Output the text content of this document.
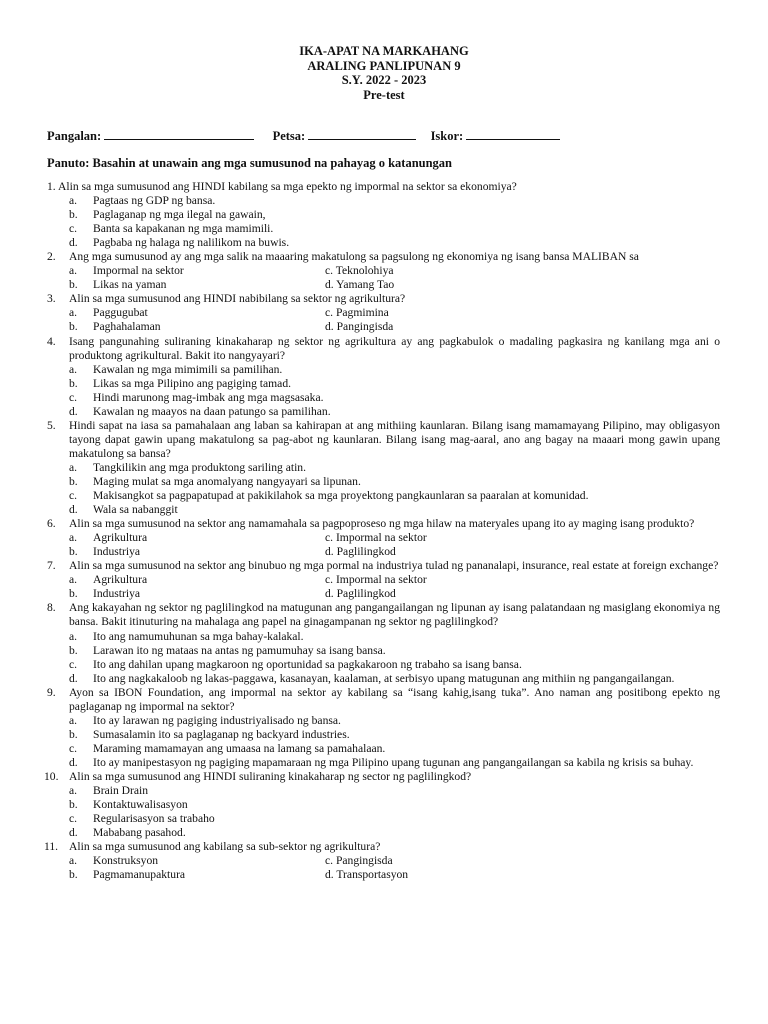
IKA-APAT NA MARKAHANG
ARALING PANLIPUNAN 9
S.Y. 2022 - 2023
Pre-test
Pangalan:	Petsa:	Iskor:
Panuto: Basahin at unawain ang mga sumusunod na pahayag o katanungan
1. Alin sa mga sumusunod ang HINDI kabilang sa mga epekto ng impormal na sektor sa ekonomiya?
a. Pagtaas ng GDP ng bansa.
b. Paglaganap ng mga ilegal na gawain,
c. Banta sa kapakanan ng mga mamimili.
d. Pagbaba ng halaga ng nalilikom na buwis.
2. Ang mga sumusunod ay ang mga salik na maaaring makatulong sa pagsulong ng ekonomiya ng isang bansa MALIBAN sa
a. Impormal na sektor	c. Teknolohiya
b. Likas na yaman	d. Yamang Tao
3. Alin sa mga sumusunod ang HINDI nabibilang sa sektor ng agrikultura?
a. Paggugubat	c. Pagmimina
b. Paghahalaman	d. Pangingisda
4. Isang pangunahing suliraning kinakaharap ng sektor ng agrikultura ay ang pagkabulok o madaling pagkasira ng kanilang mga ani o produktong agrikultural. Bakit ito nangyayari?
a. Kawalan ng mga mimimili sa pamilihan.
b. Likas sa mga Pilipino ang pagiging tamad.
c. Hindi marunong mag-imbak ang mga magsasaka.
d. Kawalan ng maayos na daan patungo sa pamilihan.
5. Hindi sapat na iasa sa pamahalaan ang laban sa kahirapan at ang mithiing kaunlaran. Bilang isang mamamayang Pilipino, may obligasyon tayong dapat gawin upang makatulong sa pag-abot ng kaunlaran. Bilang isang mag-aaral, ano ang bagay na maaari mong gawin upang makatulong sa bansa?
a. Tangkilikin ang mga produktong sariling atin.
b. Maging mulat sa mga anomalyang nangyayari sa lipunan.
c. Makisangkot sa pagpapatupad at pakikilahok sa mga proyektong pangkaunlaran sa paaralan at komunidad.
d. Wala sa nabanggit
6. Alin sa mga sumusunod na sektor ang namamahala sa pagpoproseso ng mga hilaw na materyales upang ito ay maging isang produkto?
a. Agrikultura	c. Impormal na sektor
b. Industriya	d. Paglilingkod
7. Alin sa mga sumusunod na sektor ang binubuo ng mga pormal na industriya tulad ng pananalapi, insurance, real estate at foreign exchange?
a. Agrikultura	c. Impormal na sektor
b. Industriya	d. Paglilingkod
8. Ang kakayahan ng sektor ng paglilingkod na matugunan ang pangangailangan ng lipunan ay isang palatandaan ng masiglang ekonomiya ng bansa. Bakit itinuturing na mahalaga ang papel na ginagampanan ng sektor ng paglilingkod?
a. Ito ang namumuhunan sa mga bahay-kalakal.
b. Larawan ito ng mataas na antas ng pamumuhay sa isang bansa.
c. Ito ang dahilan upang magkaroon ng oportunidad sa pagkakaroon ng trabaho sa isang bansa.
d. Ito ang nagkakaloob ng lakas-paggawa, kasanayan, kaalaman, at serbisyo upang matugunan ang mithiin ng pangangailangan.
9. Ayon sa IBON Foundation, ang impormal na sektor ay kabilang sa “isang kahig,isang tuka”. Ano naman ang positibong epekto ng paglaganap ng impormal na sektor?
a. Ito ay larawan ng pagiging industriyalisado ng bansa.
b. Sumasalamin ito sa paglaganap ng backyard industries.
c. Maraming mamamayan ang umaasa na lamang sa pamahalaan.
d. Ito ay manipestasyon ng pagiging mapamaraan ng mga Pilipino upang tugunan ang pangangailangan sa kabila ng krisis sa buhay.
10. Alin sa mga sumusunod ang HINDI suliraning kinakaharap ng sector ng paglilingkod?
a. Brain Drain
b. Kontaktuwalisasyon
c. Regularisasyon sa trabaho
d. Mababang pasahod.
11. Alin sa mga sumusunod ang kabilang sa sub-sektor ng agrikultura?
a. Konstruksyon	c. Pangingisda
b. Pagmamanupaktura	d. Transportasyon
